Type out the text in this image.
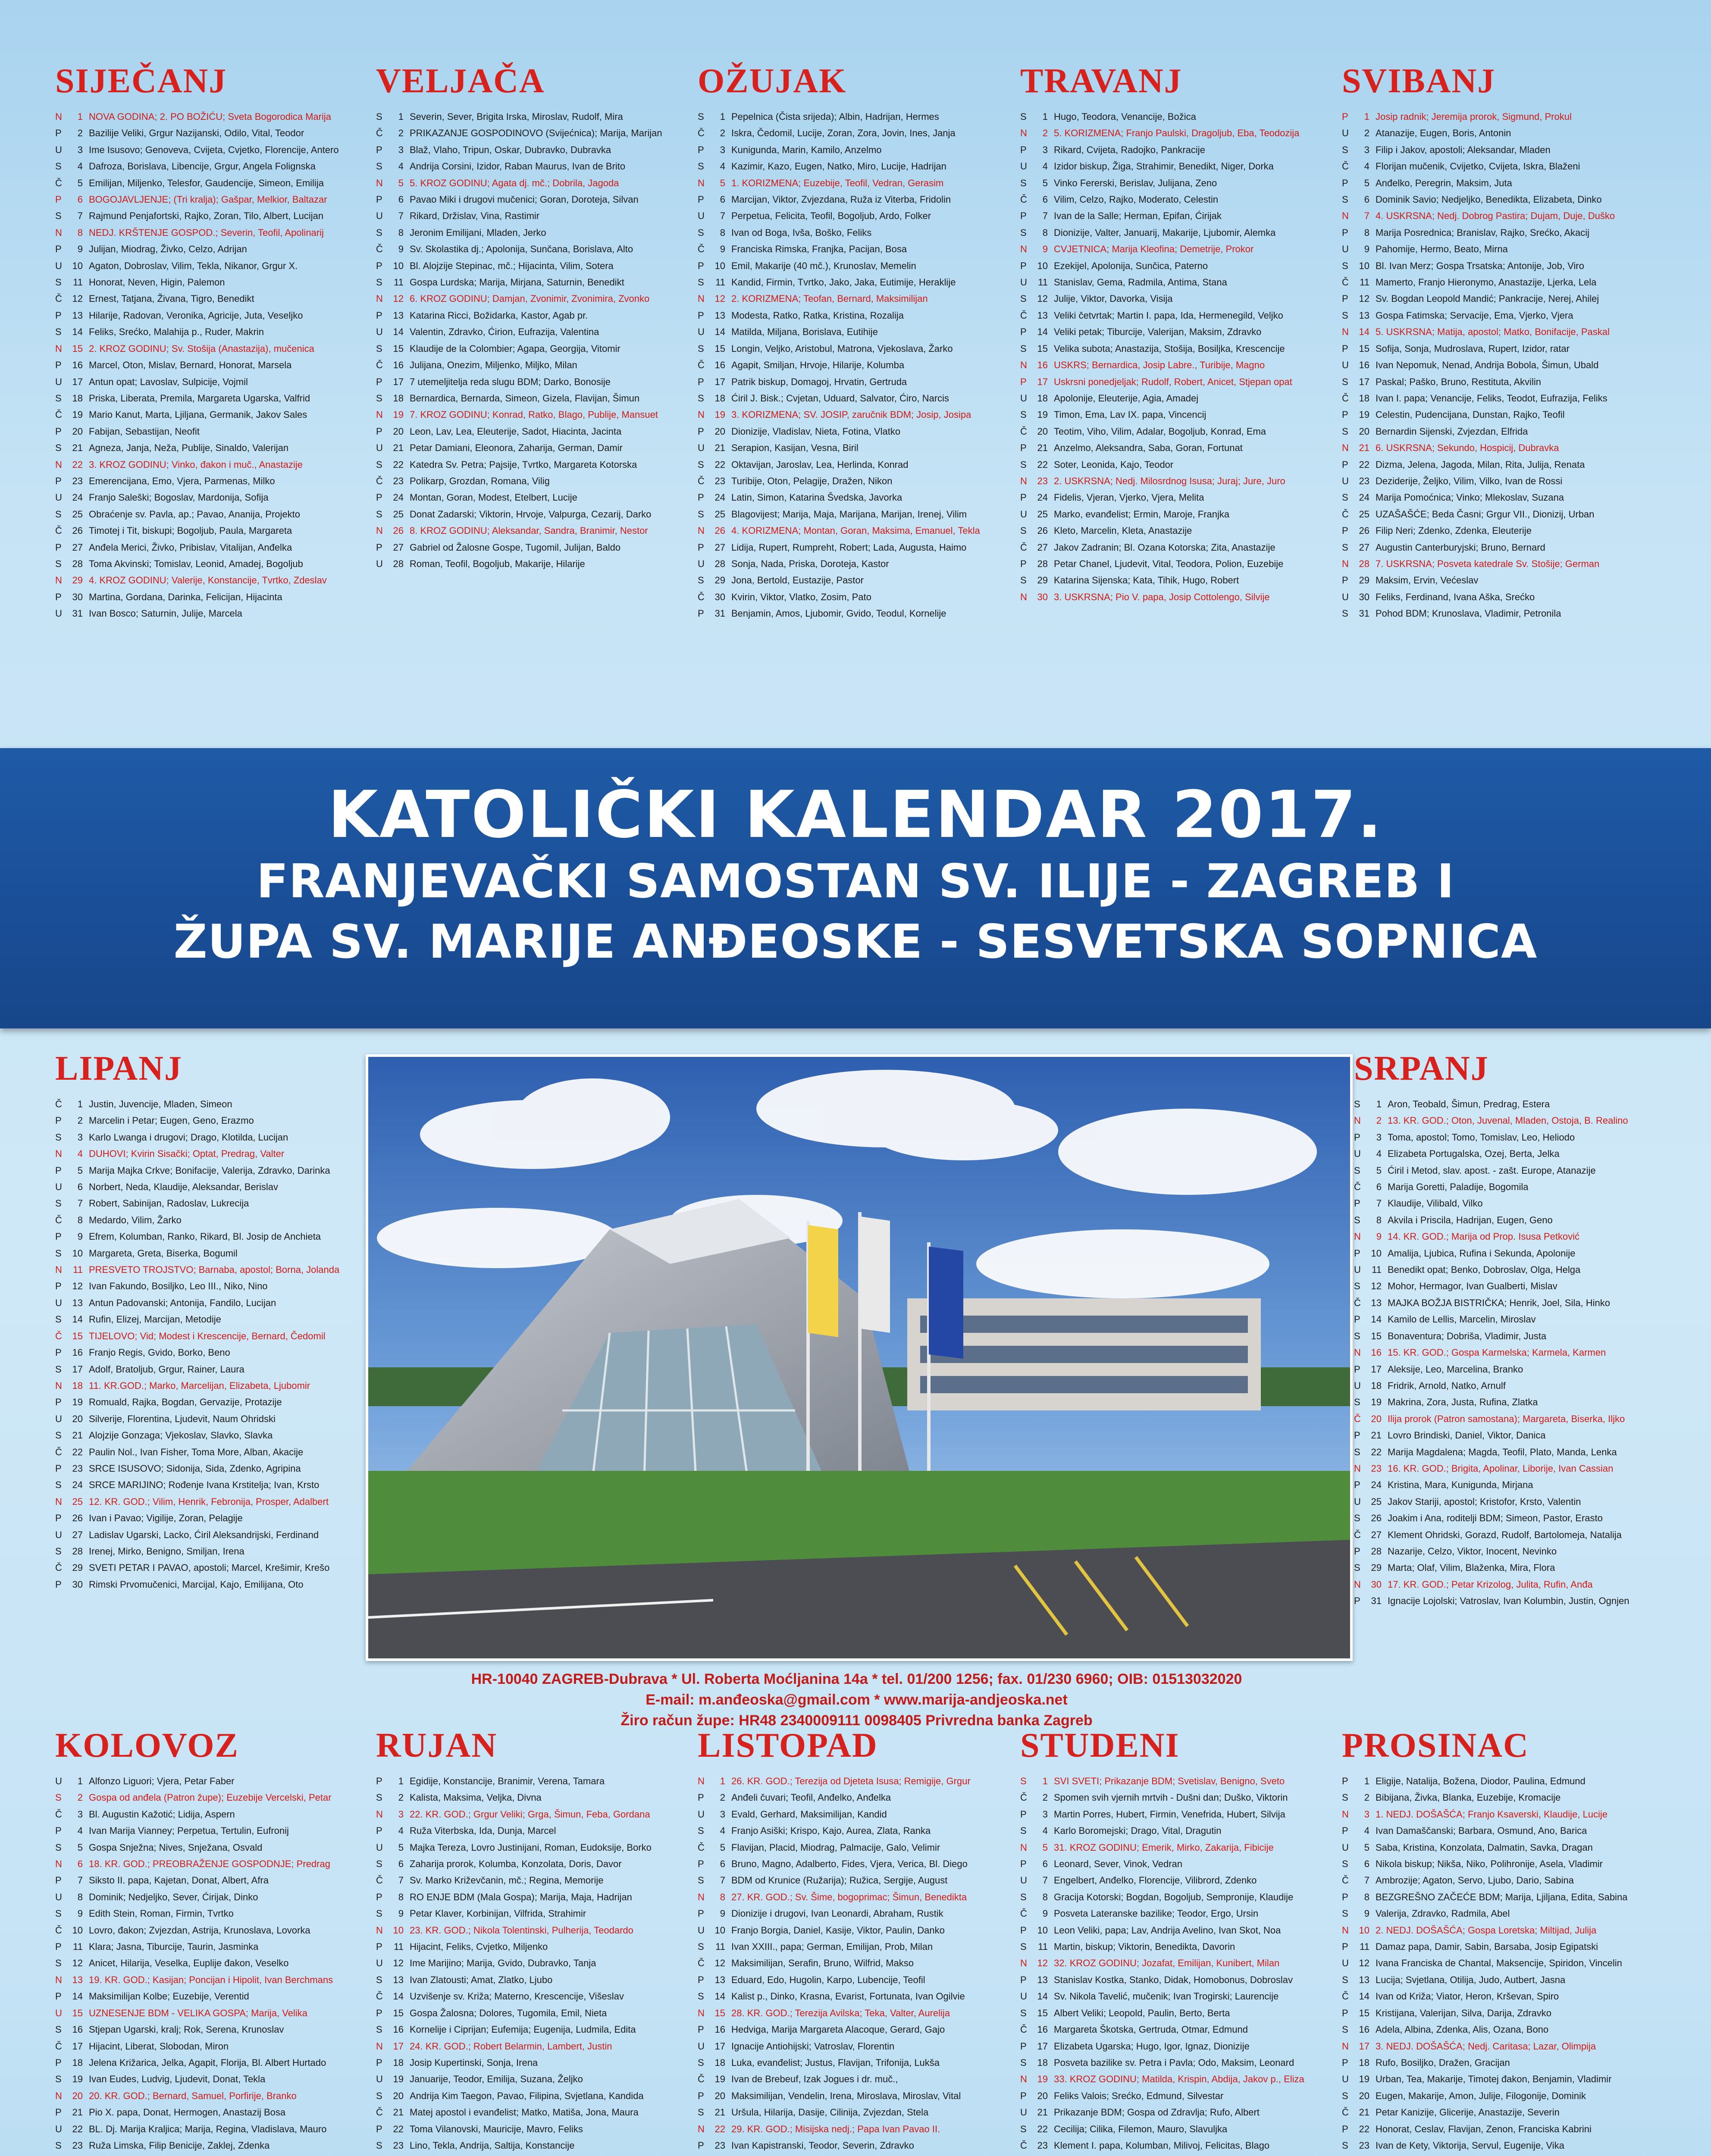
SIJEČANJ
N	1 NOVA GODINA; 2. PO BOŽIĆU; Sveta Bogorodica Marija
P	2 Bazilije Veliki, Grgur Nazijanski, Odilo, Vital, Teodor
U	3 Ime Isusovo; Genoveva, Cvijeta, Cvjetko, Florencije, Antero
S	4 Dafroza, Borislava, Libencije, Grgur, Angela Folignska
Č	5 Emilijan, Miljenko, Telesfor, Gaudencije, Simeon, Emilija
P	6 BOGOJAVLJENJE; (Tri kralja); Gašpar, Melkior, Baltazar
S	7 Rajmund Penjafortski, Rajko, Zoran, Tilo, Albert, Lucijan
N	8 NEDJ. KRŠTENJE GOSPOD.; Severin, Teofil, Apolinarij
P	9 Julijan, Miodrag, Živko, Celzo, Adrijan
U	10 Agaton, Dobroslav, Vilim, Tekla, Nikanor, Grgur X.
S	11 Honorat, Neven, Higin, Palemon
Č	12 Ernest, Tatjana, Živana, Tigro, Benedikt
P	13 Hilarije, Radovan, Veronika, Agricije, Juta, Veseljko
S	14 Feliks, Srećko, Malahija p., Ruder, Makrin
N	15 2. KROZ GODINU; Sv. Stošija (Anastazija), mučenica
P	16 Marcel, Oton, Mislav, Bernard, Honorat, Marsela
U	17 Antun opat; Lavoslav, Sulpicije, Vojmil
S	18 Priska, Liberata, Premila, Margareta Ugarska, Valfrid
Č	19 Mario Kanut, Marta, Ljiljana, Germanik, Jakov Sales
P	20 Fabijan, Sebastijan, Neofit
S	21 Agneza, Janja, Neža, Publije, Sinaldo, Valerijan
N	22 3. KROZ GODINU; Vinko, đakon i muč., Anastazije
P	23 Emerencijana, Emo, Vjera, Parmenas, Milko
U	24 Franjo Saleški; Bogoslav, Mardonija, Sofija
S	25 Obraćenje sv. Pavla, ap.; Pavao, Ananija, Projekto
Č	26 Timotej i Tit, biskupi; Bogoljub, Paula, Margareta
P	27 Anđela Merici, Živko, Pribislav, Vitalijan, Anđelka
S	28 Toma Akvinski; Tomislav, Leonid, Amadej, Bogoljub
N	29 4. KROZ GODINU; Valerije, Konstancije, Tvrtko, Zdeslav
P	30 Martina, Gordana, Darinka, Felicijan, Hijacinta
U	31 Ivan Bosco; Saturnin, Julije, Marcela
VELJAČA
S	1 Severin, Sever, Brigita Irska, Miroslav, Rudolf, Mira
Č	2 PRIKAZANJE GOSPODINOVO (Svijećnica); Marija, Marijan
P	3 Blaž, Vlaho, Tripun, Oskar, Dubravko, Dubravka
S	4 Andrija Corsini, Izidor, Raban Maurus, Ivan de Brito
N	5 5. KROZ GODINU; Agata dj. mč.; Dobrila, Jagoda
P	6 Pavao Miki i drugovi mučenici; Goran, Doroteja, Silvan
U	7 Rikard, Držislav, Vina, Rastimir
S	8 Jeronim Emilijani, Mladen, Jerko
Č	9 Sv. Skolastika dj.; Apolonija, Sunčana, Borislava, Alto
P	10 Bl. Alojzije Stepinac, mč.; Hijacinta, Vilim, Sotera
S	11 Gospa Lurdska; Marija, Mirjana, Saturnin, Benedikt
N	12 6. KROZ GODINU; Damjan, Zvonimir, Zvonimira, Zvonko
P	13 Katarina Ricci, Božidarka, Kastor, Agab pr.
U	14 Valentin, Zdravko, Ćirion, Eufrazija, Valentina
S	15 Klaudije de la Colombier; Agapa, Georgija, Vitomir
Č	16 Julijana, Onezim, Miljenko, Miljko, Milan
P	17 7 utemeljitelja reda slugu BDM; Darko, Bonosije
S	18 Bernardica, Bernarda, Simeon, Gizela, Flavijan, Šimun
N	19 7. KROZ GODINU; Konrad, Ratko, Blago, Publije, Mansuet
P	20 Leon, Lav, Lea, Eleuterije, Sadot, Hiacinta, Jacinta
U	21 Petar Damiani, Eleonora, Zaharija, German, Damir
S	22 Katedra Sv. Petra; Pajsije, Tvrtko, Margareta Kotorska
Č	23 Polikarp, Grozdan, Romana, Vilig
P	24 Montan, Goran, Modest, Etelbert, Lucije
S	25 Donat Zadarski; Viktorin, Hrvoje, Valpurga, Cezarij, Darko
N	26 8. KROZ GODINU; Aleksandar, Sandra, Branimir, Nestor
P	27 Gabriel od Žalosne Gospe, Tugomil, Julijan, Baldo
U	28 Roman, Teofil, Bogoljub, Makarije, Hilarije
OŽUJAK
S	1 Pepelnica (Čista srijeda); Albin, Hadrijan, Hermes
Č	2 Iskra, Čedomil, Lucije, Zoran, Zora, Jovin, Ines, Janja
P	3 Kunigunda, Marin, Kamilo, Anzelmo
S	4 Kazimir, Kazo, Eugen, Natko, Miro, Lucije, Hadrijan
N	5 1. KORIZMENA; Euzebije, Teofil, Vedran, Gerasim
P	6 Marcijan, Viktor, Zvjezdana, Ruža iz Viterba, Fridolin
U	7 Perpetua, Felicita, Teofil, Bogoljub, Ardo, Folker
S	8 Ivan od Boga, Ivša, Boško, Feliks
Č	9 Franciska Rimska, Franjka, Pacijan, Bosa
P	10 Emil, Makarije (40 mč.), Krunoslav, Memelin
S	11 Kandid, Firmin, Tvrtko, Jako, Jaka, Eutimije, Heraklije
N	12 2. KORIZMENA; Teofan, Bernard, Maksimilijan
P	13 Modesta, Ratko, Ratka, Kristina, Rozalija
U	14 Matilda, Miljana, Borislava, Eutihije
S	15 Longin, Veljko, Aristobul, Matrona, Vjekoslava, Žarko
Č	16 Agapit, Smiljan, Hrvoje, Hilarije, Kolumba
P	17 Patrik biskup, Domagoj, Hrvatin, Gertruda
S	18 Ćiril J. Bisk.; Cvjetan, Uduard, Salvator, Ćiro, Narcis
N	19 3. KORIZMENA; SV. JOSIP, zaručnik BDM; Josip, Josipa
P	20 Dionizije, Vladislav, Nieta, Fotina, Vlatko
U	21 Serapion, Kasijan, Vesna, Biril
S	22 Oktavijan, Jaroslav, Lea, Herlinda, Konrad
Č	23 Turibije, Oton, Pelagije, Dražen, Nikon
P	24 Latin, Simon, Katarina Švedska, Javorka
S	25 Blagovijest; Marija, Maja, Marijana, Marijan, Irenej, Vilim
N	26 4. KORIZMENA; Montan, Goran, Maksima, Emanuel, Tekla
P	27 Lidija, Rupert, Rumpreht, Robert; Lada, Augusta, Haimo
U	28 Sonja, Nada, Priska, Doroteja, Kastor
S	29 Jona, Bertold, Eustazije, Pastor
Č	30 Kvirin, Viktor, Vlatko, Zosim, Pato
P	31 Benjamin, Amos, Ljubomir, Gvido, Teodul, Kornelije
TRAVANJ
S	1 Hugo, Teodora, Venancije, Božica
N	2 5. KORIZMENA; Franjo Paulski, Dragoljub, Eba, Teodozija
P	3 Rikard, Cvijeta, Radojko, Pankracije
U	4 Izidor biskup, Žiga, Strahimir, Benedikt, Niger, Dorka
S	5 Vinko Fererski, Berislav, Julijana, Zeno
Č	6 Vilim, Celzo, Rajko, Moderato, Celestin
P	7 Ivan de la Salle; Herman, Epifan, Ćirijak
S	8 Dionizije, Valter, Januarij, Makarije, Ljubomir, Alemka
N	9 CVJETNICA; Marija Kleofina; Demetrije, Prokor
P	10 Ezekijel, Apolonija, Sunčica, Paterno
U	11 Stanislav, Gema, Radmila, Antima, Stana
S	12 Julije, Viktor, Davorka, Visija
Č	13 Veliki četvrtak; Martin I. papa, Ida, Hermenegild, Veljko
P	14 Veliki petak; Tiburcije, Valerijan, Maksim, Zdravko
S	15 Velika subota; Anastazija, Stošija, Bosiljka, Krescencije
N	16 USKRS; Bernardica, Josip Labre., Turibije, Magno
P	17 Uskrsni ponedjeljak; Rudolf, Robert, Anicet, Stjepan opat
U	18 Apolonije, Eleuterije, Agia, Amadej
S	19 Timon, Ema, Lav IX. papa, Vincencij
Č	20 Teotim, Viho, Vilim, Adalar, Bogoljub, Konrad, Ema
P	21 Anzelmo, Aleksandra, Saba, Goran, Fortunat
S	22 Soter, Leonida, Kajo, Teodor
N	23 2. USKRSNA; Nedj. Milosrdnog Isusa; Juraj; Jure, Juro
P	24 Fidelis, Vjeran, Vjerko, Vjera, Melita
U	25 Marko, evanđelist; Ermin, Maroje, Franjka
S	26 Kleto, Marcelin, Kleta, Anastazije
Č	27 Jakov Zadranin; Bl. Ozana Kotorska; Zita, Anastazije
P	28 Petar Chanel, Ljudevit, Vital, Teodora, Polion, Euzebije
S	29 Katarina Sijenska; Kata, Tihik, Hugo, Robert
N	30 3. USKRSNA; Pio V. papa, Josip Cottolengo, Silvije
SVIBANJ
P	1 Josip radnik; Jeremija prorok, Sigmund, Prokul
U	2 Atanazije, Eugen, Boris, Antonin
S	3 Filip i Jakov, apostoli; Aleksandar, Mladen
Č	4 Florijan mučenik, Cvijetko, Cvijeta, Iskra, Blaženi
P	5 Anđelko, Peregrin, Maksim, Juta
S	6 Dominik Savio; Nedjeljko, Benedikta, Elizabeta, Dinko
N	7 4. USKRSNA; Nedj. Dobrog Pastira; Dujam, Duje, Duško
P	8 Marija Posrednica; Branislav, Rajko, Srećko, Akacij
U	9 Pahomije, Hermo, Beato, Mirna
S	10 Bl. Ivan Merz; Gospa Trsatska; Antonije, Job, Viro
Č	11 Mamerto, Franjo Hieronymo, Anastazije, Ljerka, Lela
P	12 Sv. Bogdan Leopold Mandić; Pankracije, Nerej, Ahilej
S	13 Gospa Fatimska; Servacije, Ema, Vjerko, Vjera
N	14 5. USKRSNA; Matija, apostol; Matko, Bonifacije, Paskal
P	15 Sofija, Sonja, Mudroslava, Rupert, Izidor, ratar
U	16 Ivan Nepomuk, Nenad, Andrija Bobola, Šimun, Ubald
S	17 Paskal; Paško, Bruno, Restituta, Akvilin
Č	18 Ivan I. papa; Venancije, Feliks, Teodot, Eufrazija, Feliks
P	19 Celestin, Pudencijana, Dunstan, Rajko, Teofil
S	20 Bernardin Sijenski, Zvjezdan, Elfrida
N	21 6. USKRSNA; Sekundo, Hospicij, Dubravka
P	22 Dizma, Jelena, Jagoda, Milan, Rita, Julija, Renata
U	23 Deziderije, Željko, Vilim, Vilko, Ivan de Rossi
S	24 Marija Pomoćnica; Vinko; Mlekoslav, Suzana
Č	25 UZAŠAŠĆE; Beda Časni; Grgur VII., Dionizij, Urban
P	26 Filip Neri; Zdenko, Zdenka, Eleuterije
S	27 Augustin Canterburyjski; Bruno, Bernard
N	28 7. USKRSNA; Posveta katedrale Sv. Stošije; German
P	29 Maksim, Ervin, Većeslav
U	30 Feliks, Ferdinand, Ivana Aška, Srećko
S	31 Pohod BDM; Krunoslava, Vladimir, Petronila
KATOLIČKI KALENDAR 2017.
FRANJEVAČKI SAMOSTAN SV. ILIJE - ZAGREB I
ŽUPA SV. MARIJE ANĐEOSKE - SESVETSKA SOPNICA
LIPANJ
Č	1 Justin, Juvencije, Mladen, Simeon
P	2 Marcelin i Petar; Eugen, Geno, Erazmo
S	3 Karlo Lwanga i drugovi; Drago, Klotilda, Lucijan
N	4 DUHOVI; Kvirin Sisački; Optat, Predrag, Valter
P	5 Marija Majka Crkve; Bonifacije, Valerija, Zdravko, Darinka
U	6 Norbert, Neda, Klaudije, Aleksandar, Berislav
S	7 Robert, Sabinijan, Radoslav, Lukrecija
Č	8 Medardo, Vilim, Žarko
P	9 Efrem, Kolumban, Ranko, Rikard, Bl. Josip de Anchieta
S	10 Margareta, Greta, Biserka, Bogumil
N	11 PRESVETO TROJSTVO; Barnaba, apostol; Borna, Jolanda
P	12 Ivan Fakundo, Bosiljko, Leo III., Niko, Nino
U	13 Antun Padovanski; Antonija, Fandilo, Lucijan
S	14 Rufin, Elizej, Marcijan, Metodije
Č	15 TIJELOVO; Vid; Modest i Krescencije, Bernard, Čedomil
P	16 Franjo Regis, Gvido, Borko, Beno
S	17 Adolf, Bratoljub, Grgur, Rainer, Laura
N	18 11. KR.GOD.; Marko, Marcelijan, Elizabeta, Ljubomir
P	19 Romuald, Rajka, Bogdan, Gervazije, Protazije
U	20 Silverije, Florentina, Ljudevit, Naum Ohridski
S	21 Alojzije Gonzaga; Vjekoslav, Slavko, Slavka
Č	22 Paulin Nol., Ivan Fisher, Toma More, Alban, Akacije
P	23 SRCE ISUSOVO; Sidonija, Sida, Zdenko, Agripina
S	24 SRCE MARIJINO; Rođenje Ivana Krstitelja; Ivan, Krsto
N	25 12. KR. GOD.; Vilim, Henrik, Febronija, Prosper, Adalbert
P	26 Ivan i Pavao; Vigilije, Zoran, Pelagije
U	27 Ladislav Ugarski, Lacko, Ćiril Aleksandrijski, Ferdinand
S	28 Irenej, Mirko, Benigno, Smiljan, Irena
Č	29 SVETI PETAR I PAVAO, apostoli; Marcel, Krešimir, Krešo
P	30 Rimski Prvomučenici, Marcijal, Kajo, Emilijana, Oto
SRPANJ
S	1 Aron, Teobald, Šimun, Predrag, Estera
N	2 13. KR. GOD.; Oton, Juvenal, Mladen, Ostoja, B. Realino
P	3 Toma, apostol; Tomo, Tomislav, Leo, Heliodo
U	4 Elizabeta Portugalska, Ozej, Berta, Jelka
S	5 Ćiril i Metod, slav. apost. - zašt. Europe, Atanazije
Č	6 Marija Goretti, Paladije, Bogomila
P	7 Klaudije, Vilibald, Vilko
S	8 Akvila i Priscila, Hadrijan, Eugen, Geno
N	9 14. KR. GOD.; Marija od Prop. Isusa Petković
P	10 Amalija, Ljubica, Rufina i Sekunda, Apolonije
U	11 Benedikt opat; Benko, Dobroslav, Olga, Helga
S	12 Mohor, Hermagor, Ivan Gualberti, Mislav
Č	13 MAJKA BOŽJA BISTRIČKA; Henrik, Joel, Sila, Hinko
P	14 Kamilo de Lellis, Marcelin, Miroslav
S	15 Bonaventura; Dobriša, Vladimir, Justa
N	16 15. KR. GOD.; Gospa Karmelska; Karmela, Karmen
P	17 Aleksije, Leo, Marcelina, Branko
U	18 Fridrik, Arnold, Natko, Arnulf
S	19 Makrina, Zora, Justa, Rufina, Zlatka
Č	20 Ilija prorok (Patron samostana); Margareta, Biserka, Iljko
P	21 Lovro Brindiski, Daniel, Viktor, Danica
S	22 Marija Magdalena; Magda, Teofil, Plato, Manda, Lenka
N	23 16. KR. GOD.; Brigita, Apolinar, Liborije, Ivan Cassian
P	24 Kristina, Mara, Kunigunda, Mirjana
U	25 Jakov Stariji, apostol; Kristofor, Krsto, Valentin
S	26 Joakim i Ana, roditelji BDM; Simeon, Pastor, Erasto
Č	27 Klement Ohridski, Gorazd, Rudolf, Bartolomeja, Natalija
P	28 Nazarije, Celzo, Viktor, Inocent, Nevinko
S	29 Marta; Olaf, Vilim, Blaženka, Mira, Flora
N	30 17. KR. GOD.; Petar Krizolog, Julita, Rufin, Anđa
P	31 Ignacije Lojolski; Vatroslav, Ivan Kolumbin, Justin, Ognjen
HR-10040 ZAGREB-Dubrava * Ul. Roberta Moćljanina 14a * tel. 01/200 1256; fax. 01/230 6960; OIB: 01513032020
E-mail: m.anđeoska@gmail.com * www.marija-andjeoska.net
Žiro račun župe: HR48 2340009111 0098405 Privredna banka Zagreb
KOLOVOZ
U	1 Alfonzo Liguori; Vjera, Petar Faber
S	2 Gospa od anđela (Patron župe); Euzebije Vercelski, Petar
Č	3 Bl. Augustin Kažotić; Lidija, Aspern
P	4 Ivan Marija Vianney; Perpetua, Tertulin, Eufronij
S	5 Gospa Snježna; Nives, Snježana, Osvald
N	6 18. KR. GOD.; PREOBRAŽENJE GOSPODNJE; Predrag
P	7 Siksto II. papa, Kajetan, Donat, Albert, Afra
U	8 Dominik; Nedjeljko, Sever, Ćirijak, Dinko
S	9 Edith Stein, Roman, Firmin, Tvrtko
Č	10 Lovro, đakon; Zvjezdan, Astrija, Krunoslava, Lovorka
P	11 Klara; Jasna, Tiburcije, Taurin, Jasminka
S	12 Anicet, Hilarija, Veselka, Euplije đakon, Veselko
N	13 19. KR. GOD.; Kasijan; Poncijan i Hipolit, Ivan Berchmans
P	14 Maksimilijan Kolbe; Euzebije, Verentid
U	15 UZNESENJE BDM - VELIKA GOSPA; Marija, Velika
S	16 Stjepan Ugarski, kralj; Rok, Serena, Krunoslav
Č	17 Hijacint, Liberat, Slobodan, Miron
P	18 Jelena Križarica, Jelka, Agapit, Florija, Bl. Albert Hurtado
S	19 Ivan Eudes, Ludvig, Ljudevit, Donat, Tekla
N	20 20. KR. GOD.; Bernard, Samuel, Porfirije, Branko
P	21 Pio X. papa, Donat, Hermogen, Anastazij Bosa
U	22 BL. Dj. Marija Kraljica; Marija, Regina, Vladislava, Mauro
S	23 Ruža Limska, Filip Benicije, Zaklej, Zdenka
RUJAN
P	1 Egidije, Konstancije, Branimir, Verena, Tamara
S	2 Kalista, Maksima, Veljka, Divna
N	3 22. KR. GOD.; Grgur Veliki; Grga, Šimun, Feba, Gordana
P	4 Ruža Viterbska, Ida, Dunja, Marcel
U	5 Majka Tereza, Lovro Justinijani, Roman, Eudoksije, Borko
S	6 Zaharija prorok, Kolumba, Konzolata, Doris, Davor
Č	7 Sv. Marko Križevčanin, mč.; Regina, Memorije
P	8 RO ENJE BDM (Mala Gospa); Marija, Maja, Hadrijan
S	9 Petar Klaver, Korbinijan, Vilfrida, Strahimir
N	10 23. KR. GOD.; Nikola Tolentinski, Pulherija, Teodardo
P	11 Hijacint, Feliks, Cvjetko, Miljenko
U	12 Ime Marijino; Marija, Gvido, Dubravko, Tanja
S	13 Ivan Zlatousti; Amat, Zlatko, Ljubo
Č	14 Uzvišenje sv. Križa; Materno, Krescencije, Višeslav
P	15 Gospa Žalosna; Dolores, Tugomila, Emil, Nieta
S	16 Kornelije i Ciprijan; Eufemija; Eugenija, Ludmila, Edita
N	17 24. KR. GOD.; Robert Belarmin, Lambert, Justin
P	18 Josip Kupertinski, Sonja, Irena
U	19 Januarije, Teodor, Emilija, Suzana, Željko
S	20 Andrija Kim Taegon, Pavao, Filipina, Svjetlana, Kandida
Č	21 Matej apostol i evanđelist; Matko, Matiša, Jona, Maura
P	22 Toma Vilanovski, Mauricije, Mavro, Feliks
S	23 Lino, Tekla, Andrija, Saltija, Konstancije
LISTOPAD
N	1 26. KR. GOD.; Terezija od Djeteta Isusa; Remigije, Grgur
P	2 Anđeli čuvari; Teofil, Anđelko, Anđelka
U	3 Evald, Gerhard, Maksimilijan, Kandid
S	4 Franjo Asiški; Krispo, Kajo, Aurea, Zlata, Ranka
Č	5 Flavijan, Placid, Miodrag, Palmacije, Galo, Velimir
P	6 Bruno, Magno, Adalberto, Fides, Vjera, Verica, Bl. Diego
S	7 BDM od Krunice (Ružarija); Ružica, Sergije, August
N	8 27. KR. GOD.; Sv. Šime, bogoprimac; Šimun, Benedikta
P	9 Dionizije i drugovi, Ivan Leonardi, Abraham, Rustik
U	10 Franjo Borgia, Daniel, Kasije, Viktor, Paulin, Danko
S	11 Ivan XXIII., papa; German, Emilijan, Prob, Milan
Č	12 Maksimilijan, Serafin, Bruno, Wilfrid, Makso
P	13 Eduard, Edo, Hugolin, Karpo, Lubencije, Teofil
S	14 Kalist p., Dinko, Krasna, Evarist, Fortunata, Ivan Ogilvie
N	15 28. KR. GOD.; Terezija Avilska; Teka, Valter, Aurelija
P	16 Hedviga, Marija Margareta Alacoque, Gerard, Gajo
U	17 Ignacije Antiohijski; Vatroslav, Florentin
S	18 Luka, evanđelist; Justus, Flavijan, Trifonija, Lukša
Č	19 Ivan de Brebeuf, Izak Jogues i dr. muč.,
P	20 Maksimilijan, Vendelin, Irena, Miroslava, Miroslav, Vital
S	21 Uršula, Hilarija, Dasije, Cilinija, Zvjezdan, Stela
N	22 29. KR. GOD.; Misijska nedj.; Papa Ivan Pavao II.
P	23 Ivan Kapistranski, Teodor, Severin, Zdravko
STUDENI
S	1 SVI SVETI; Prikazanje BDM; Svetislav, Benigno, Sveto
Č	2 Spomen svih vjernih mrtvih - Dušni dan; Duško, Viktorin
P	3 Martin Porres, Hubert, Firmin, Venefrida, Hubert, Silvija
S	4 Karlo Boromejski; Drago, Vital, Dragutin
N	5 31. KROZ GODINU; Emerik, Mirko, Zakarija, Fibicije
P	6 Leonard, Sever, Vinok, Vedran
U	7 Engelbert, Anđelko, Florencije, Vilibrord, Zdenko
S	8 Gracija Kotorski; Bogdan, Bogoljub, Semproniје, Klaudije
Č	9 Posveta Lateranske bazilike; Teodor, Ergo, Ursin
P	10 Leon Veliki, papa; Lav, Andrija Avelino, Ivan Skot, Noa
S	11 Martin, biskup; Viktorin, Benedikta, Davorin
N	12 32. KROZ GODINU; Jozafat, Emilijan, Kunibert, Milan
P	13 Stanislav Kostka, Stanko, Didak, Homobonus, Dobroslav
U	14 Sv. Nikola Tavelić, mučenik; Ivan Trogirski; Laurencije
S	15 Albert Veliki; Leopold, Paulin, Berto, Berta
Č	16 Margareta Škotska, Gertruda, Otmar, Edmund
P	17 Elizabeta Ugarska; Hugo, Igor, Ignaz, Dionizije
S	18 Posveta bazilike sv. Petra i Pavla; Odo, Maksim, Leonard
N	19 33. KROZ GODINU; Matilda, Krispin, Abdija, Jakov p., Eliza
P	20 Feliks Valois; Srećko, Edmund, Silvestar
U	21 Prikazanje BDM; Gospa od Zdravlja; Rufo, Albert
S	22 Cecilija; Cilika, Filemon, Mauro, Slavuljka
Č	23 Klement I. papa, Kolumban, Milivoj, Felicitas, Blago
PROSINAC
P	1 Eligije, Natalija, Božena, Diodor, Paulina, Edmund
S	2 Bibijana, Živka, Blanka, Euzebije, Kromacije
N	3 1. NEDJ. DOŠAŠĆA; Franjo Ksaverski, Klaudije, Lucije
P	4 Ivan Damaščanski; Barbara, Osmund, Ano, Barica
U	5 Saba, Kristina, Konzolata, Dalmatin, Savka, Dragan
S	6 Nikola biskup; Nikša, Niko, Polihronije, Asela, Vladimir
Č	7 Ambrozije; Agaton, Servo, Ljubo, Dario, Sabina
P	8 BEZGREŠNO ZAČEĆE BDM; Marija, Ljiljana, Edita, Sabina
S	9 Valerija, Zdravko, Radmila, Abel
N	10 2. NEDJ. DOŠAŠĆA; Gospa Loretska; Miltijad, Julija
P	11 Damaz papa, Damir, Sabin, Barsaba, Josip Egipatski
U	12 Ivana Franciska de Chantal, Maksencije, Spiridon, Vincelin
S	13 Lucija; Svjetlana, Otilija, Judo, Autbert, Jasna
Č	14 Ivan od Križa; Viator, Heron, Krševan, Spiro
P	15 Kristijana, Valerijan, Silva, Darija, Zdravko
S	16 Adela, Albina, Zdenka, Alis, Ozana, Bono
N	17 3. NEDJ. DOŠAŠĆA; Nedj. Caritasa; Lazar, Olimpija
P	18 Rufo, Bosiljko, Dražen, Gracijan
U	19 Urban, Tea, Makarije, Timotej đakon, Benjamin, Vladimir
S	20 Eugen, Makarije, Amon, Julije, Filogonije, Dominik
Č	21 Petar Kanizije, Glicerije, Anastazije, Severin
P	22 Honorat, Ceslav, Flavijan, Zenon, Franciska Kabrini
S	23 Ivan de Kety, Viktorija, Servul, Eugenije, Vika
